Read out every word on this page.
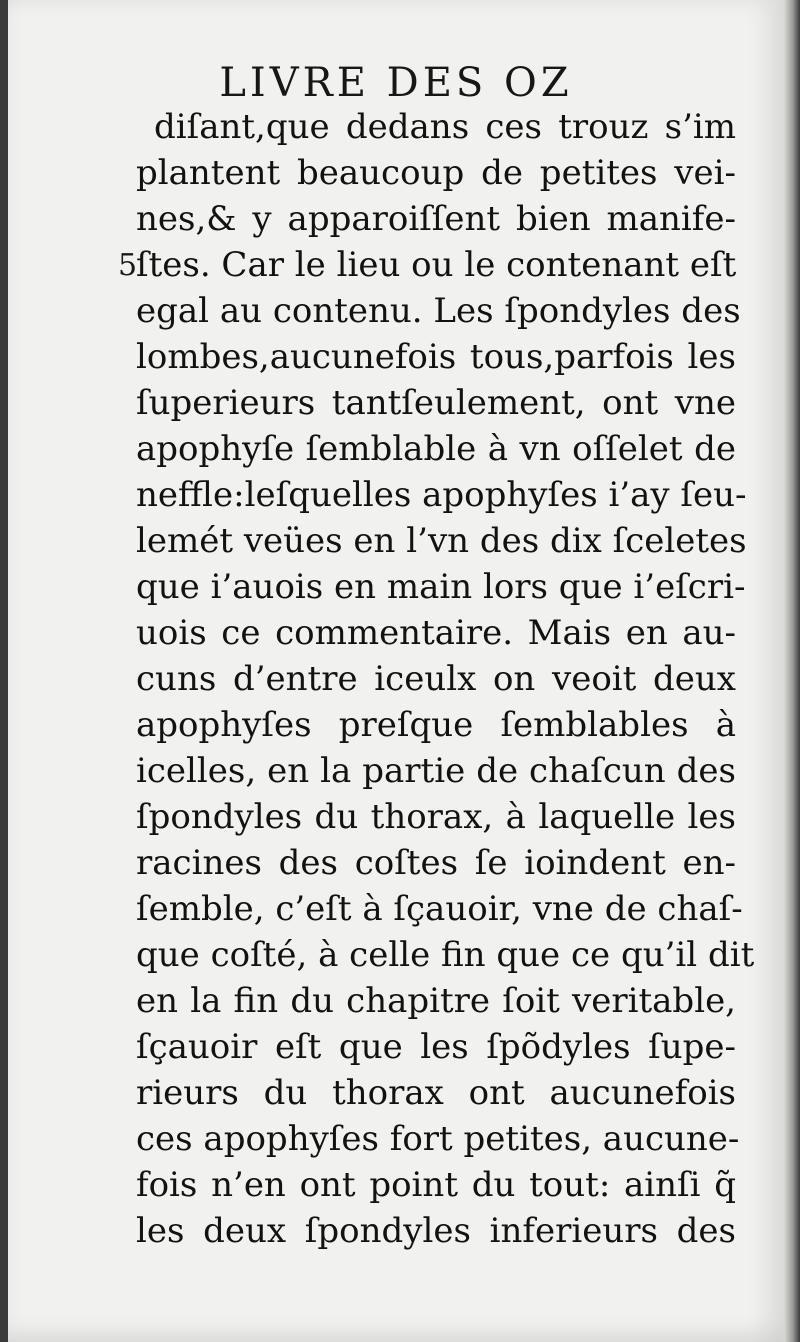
LIVRE DES OZ
5
diſant,que dedans ces trouz s’im
plantent beaucoup de petites vei-
nes,& y apparoiſſent bien manife-
ſtes. Car le lieu ou le contenant eſt
egal au contenu. Les ſpondyles des
lombes,aucunefois tous,parfois les
ſuperieurs tantſeulement, ont vne
apophyſe ſemblable à vn oſſelet de
neffle:leſquelles apophyſes i’ay ſeu-
lemét veües en l’vn des dix ſceletes
que i’auois en main lors que i’eſcri-
uois ce commentaire. Mais en au-
cuns d’entre iceulx on veoit deux
apophyſes preſque ſemblables à
icelles, en la partie de chaſcun des
ſpondyles du thorax, à laquelle les
racines des coſtes ſe ioindent en-
ſemble, c’eſt à ſçauoir, vne de chaſ-
que coſté, à celle fin que ce qu’il dit
en la fin du chapitre ſoit veritable,
ſçauoir eſt que les ſpõdyles ſupe-
rieurs du thorax ont aucunefois
ces apophyſes fort petites, aucune-
fois n’en ont point du tout: ainſi q̃
les deux ſpondyles inferieurs des
